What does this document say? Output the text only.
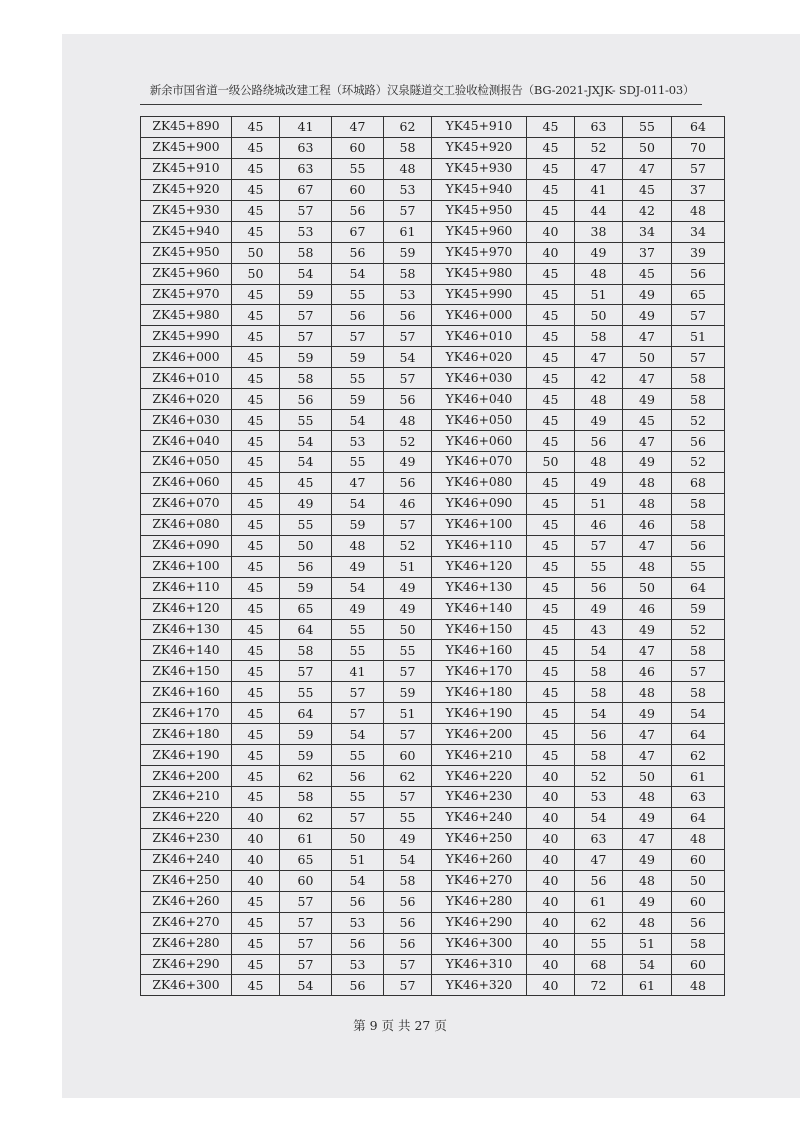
新余市国省道一级公路绕城改建工程（环城路）汉泉隧道交工验收检测报告（BG-2021-JXJK- SDJ-011-03）
ZK45+890	45	41	47	62	YK45+910	45	63	55	64
ZK45+900	45	63	60	58	YK45+920	45	52	50	70
ZK45+910	45	63	55	48	YK45+930	45	47	47	57
ZK45+920	45	67	60	53	YK45+940	45	41	45	37
ZK45+930	45	57	56	57	YK45+950	45	44	42	48
ZK45+940	45	53	67	61	YK45+960	40	38	34	34
ZK45+950	50	58	56	59	YK45+970	40	49	37	39
ZK45+960	50	54	54	58	YK45+980	45	48	45	56
ZK45+970	45	59	55	53	YK45+990	45	51	49	65
ZK45+980	45	57	56	56	YK46+000	45	50	49	57
ZK45+990	45	57	57	57	YK46+010	45	58	47	51
ZK46+000	45	59	59	54	YK46+020	45	47	50	57
ZK46+010	45	58	55	57	YK46+030	45	42	47	58
ZK46+020	45	56	59	56	YK46+040	45	48	49	58
ZK46+030	45	55	54	48	YK46+050	45	49	45	52
ZK46+040	45	54	53	52	YK46+060	45	56	47	56
ZK46+050	45	54	55	49	YK46+070	50	48	49	52
ZK46+060	45	45	47	56	YK46+080	45	49	48	68
ZK46+070	45	49	54	46	YK46+090	45	51	48	58
ZK46+080	45	55	59	57	YK46+100	45	46	46	58
ZK46+090	45	50	48	52	YK46+110	45	57	47	56
ZK46+100	45	56	49	51	YK46+120	45	55	48	55
ZK46+110	45	59	54	49	YK46+130	45	56	50	64
ZK46+120	45	65	49	49	YK46+140	45	49	46	59
ZK46+130	45	64	55	50	YK46+150	45	43	49	52
ZK46+140	45	58	55	55	YK46+160	45	54	47	58
ZK46+150	45	57	41	57	YK46+170	45	58	46	57
ZK46+160	45	55	57	59	YK46+180	45	58	48	58
ZK46+170	45	64	57	51	YK46+190	45	54	49	54
ZK46+180	45	59	54	57	YK46+200	45	56	47	64
ZK46+190	45	59	55	60	YK46+210	45	58	47	62
ZK46+200	45	62	56	62	YK46+220	40	52	50	61
ZK46+210	45	58	55	57	YK46+230	40	53	48	63
ZK46+220	40	62	57	55	YK46+240	40	54	49	64
ZK46+230	40	61	50	49	YK46+250	40	63	47	48
ZK46+240	40	65	51	54	YK46+260	40	47	49	60
ZK46+250	40	60	54	58	YK46+270	40	56	48	50
ZK46+260	45	57	56	56	YK46+280	40	61	49	60
ZK46+270	45	57	53	56	YK46+290	40	62	48	56
ZK46+280	45	57	56	56	YK46+300	40	55	51	58
ZK46+290	45	57	53	57	YK46+310	40	68	54	60
ZK46+300	45	54	56	57	YK46+320	40	72	61	48
第 9 页 共 27 页
